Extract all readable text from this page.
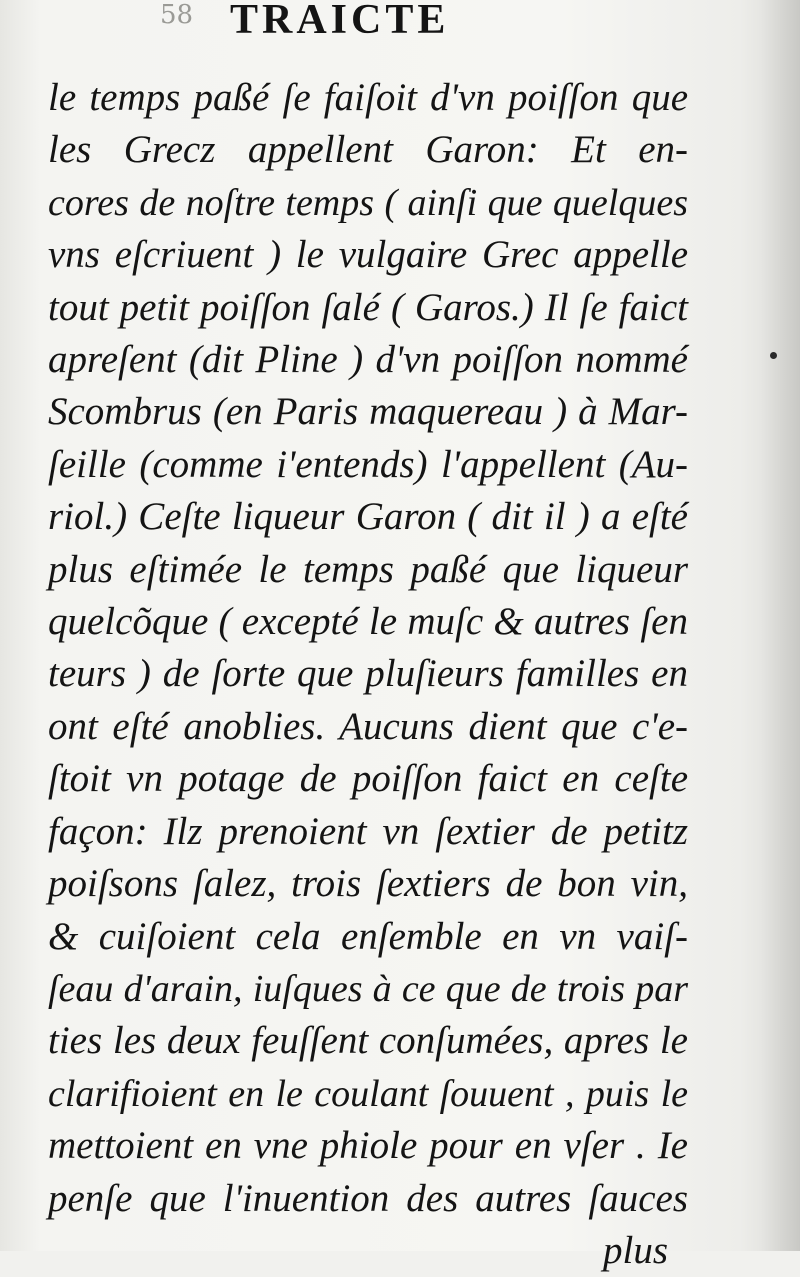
58 TRAICTE
le temps paßé ſe faiſoit d'vn poiſſon que
les Grecz appellent Garon: Et en-
cores de noſtre temps ( ainſi que quelques
vns eſcriuent ) le vulgaire Grec appelle
tout petit poiſſon ſalé ( Garos.) Il ſe faict
apreſent (dit Pline ) d'vn poiſſon nommé
Scombrus (en Paris maquereau ) à Mar-
ſeille (comme i'entends) l'appellent (Au-
riol.) Ceſte liqueur Garon ( dit il ) a eſté
plus eſtimée le temps paßé que liqueur
quelcõque ( excepté le muſc & autres ſen
teurs ) de ſorte que pluſieurs familles en
ont eſté anoblies. Aucuns dient que c'e-
ſtoit vn potage de poiſſon faict en ceſte
façon: Ilz prenoient vn ſextier de petitz
poiſsons ſalez, trois ſextiers de bon vin,
& cuiſoient cela enſemble en vn vaiſ-
ſeau d'arain, iuſques à ce que de trois par
ties les deux feuſſent conſumées, apres le
clarifioient en le coulant ſouuent , puis le
mettoient en vne phiole pour en vſer . Ie
penſe que l'inuention des autres ſauces
plus
